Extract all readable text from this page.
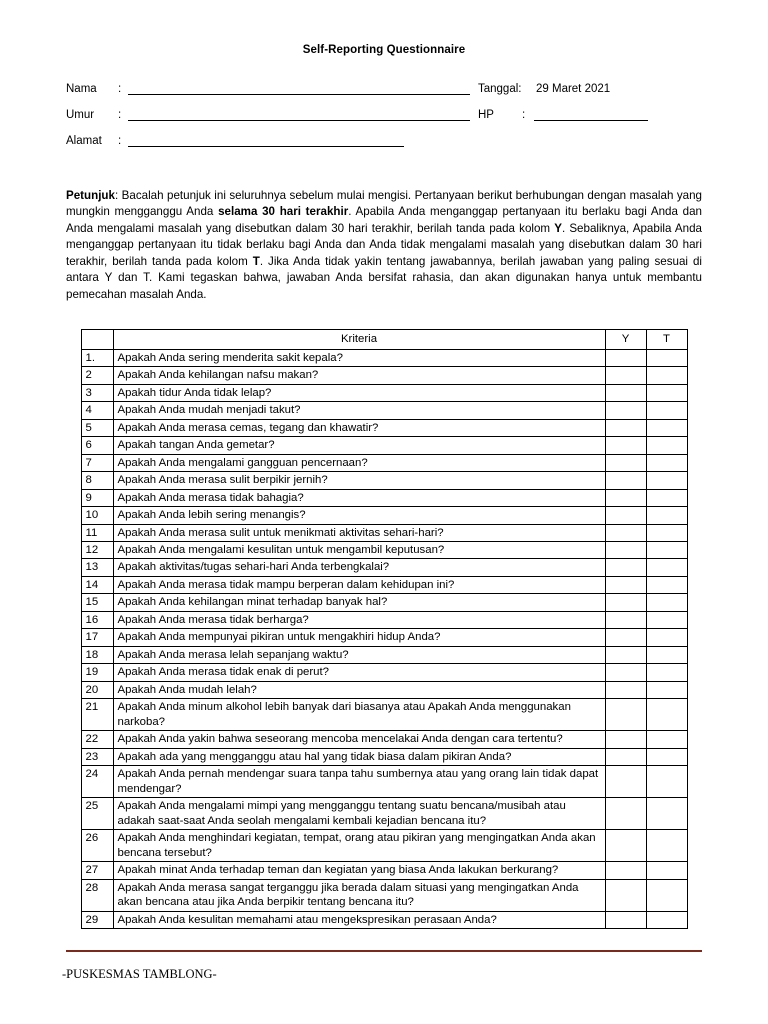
Self-Reporting Questionnaire
Nama	:
Umur	:
Alamat	:
Tanggal:	29 Maret 2021
HP	:
Petunjuk: Bacalah petunjuk ini seluruhnya sebelum mulai mengisi. Pertanyaan berikut berhubungan dengan masalah yang mungkin mengganggu Anda selama 30 hari terakhir. Apabila Anda menganggap pertanyaan itu berlaku bagi Anda dan Anda mengalami masalah yang disebutkan dalam 30 hari terakhir, berilah tanda pada kolom Y. Sebaliknya, Apabila Anda menganggap pertanyaan itu tidak berlaku bagi Anda dan Anda tidak mengalami masalah yang disebutkan dalam 30 hari terakhir, berilah tanda pada kolom T. Jika Anda tidak yakin tentang jawabannya, berilah jawaban yang paling sesuai di antara Y dan T. Kami tegaskan bahwa, jawaban Anda bersifat rahasia, dan akan digunakan hanya untuk membantu pemecahan masalah Anda.
	Kriteria	Y	T
1.	Apakah Anda sering menderita sakit kepala?		
2	Apakah Anda kehilangan nafsu makan?		
3	Apakah tidur Anda tidak lelap?		
4	Apakah Anda mudah menjadi takut?		
5	Apakah Anda merasa cemas, tegang dan khawatir?		
6	Apakah tangan Anda gemetar?		
7	Apakah Anda mengalami gangguan pencernaan?		
8	Apakah Anda merasa sulit berpikir jernih?		
9	Apakah Anda merasa tidak bahagia?		
10	Apakah Anda lebih sering menangis?		
11	Apakah Anda merasa sulit untuk menikmati aktivitas sehari-hari?		
12	Apakah Anda mengalami kesulitan untuk mengambil keputusan?		
13	Apakah aktivitas/tugas sehari-hari Anda terbengkalai?		
14	Apakah Anda merasa tidak mampu berperan dalam kehidupan ini?		
15	Apakah Anda kehilangan minat terhadap banyak hal?		
16	Apakah Anda merasa tidak berharga?		
17	Apakah Anda mempunyai pikiran untuk mengakhiri hidup Anda?		
18	Apakah Anda merasa lelah sepanjang waktu?		
19	Apakah Anda merasa tidak enak di perut?		
20	Apakah Anda mudah lelah?		
21	Apakah Anda minum alkohol lebih banyak dari biasanya atau Apakah Anda menggunakan narkoba?		
22	Apakah Anda yakin bahwa seseorang mencoba mencelakai Anda dengan cara tertentu?		
23	Apakah ada yang mengganggu atau hal yang tidak biasa dalam pikiran Anda?		
24	Apakah Anda pernah mendengar suara tanpa tahu sumbernya atau yang orang lain tidak dapat mendengar?		
25	Apakah Anda mengalami mimpi yang mengganggu tentang suatu bencana/musibah atau adakah saat-saat Anda seolah mengalami kembali kejadian bencana itu?		
26	Apakah Anda menghindari kegiatan, tempat, orang atau pikiran yang mengingatkan Anda akan bencana tersebut?		
27	Apakah minat Anda terhadap teman dan kegiatan yang biasa Anda lakukan berkurang?		
28	Apakah Anda merasa sangat terganggu jika berada dalam situasi yang mengingatkan Anda akan bencana atau jika Anda berpikir tentang bencana itu?		
29	Apakah Anda kesulitan memahami atau mengekspresikan perasaan Anda?		
-PUSKESMAS TAMBLONG-
